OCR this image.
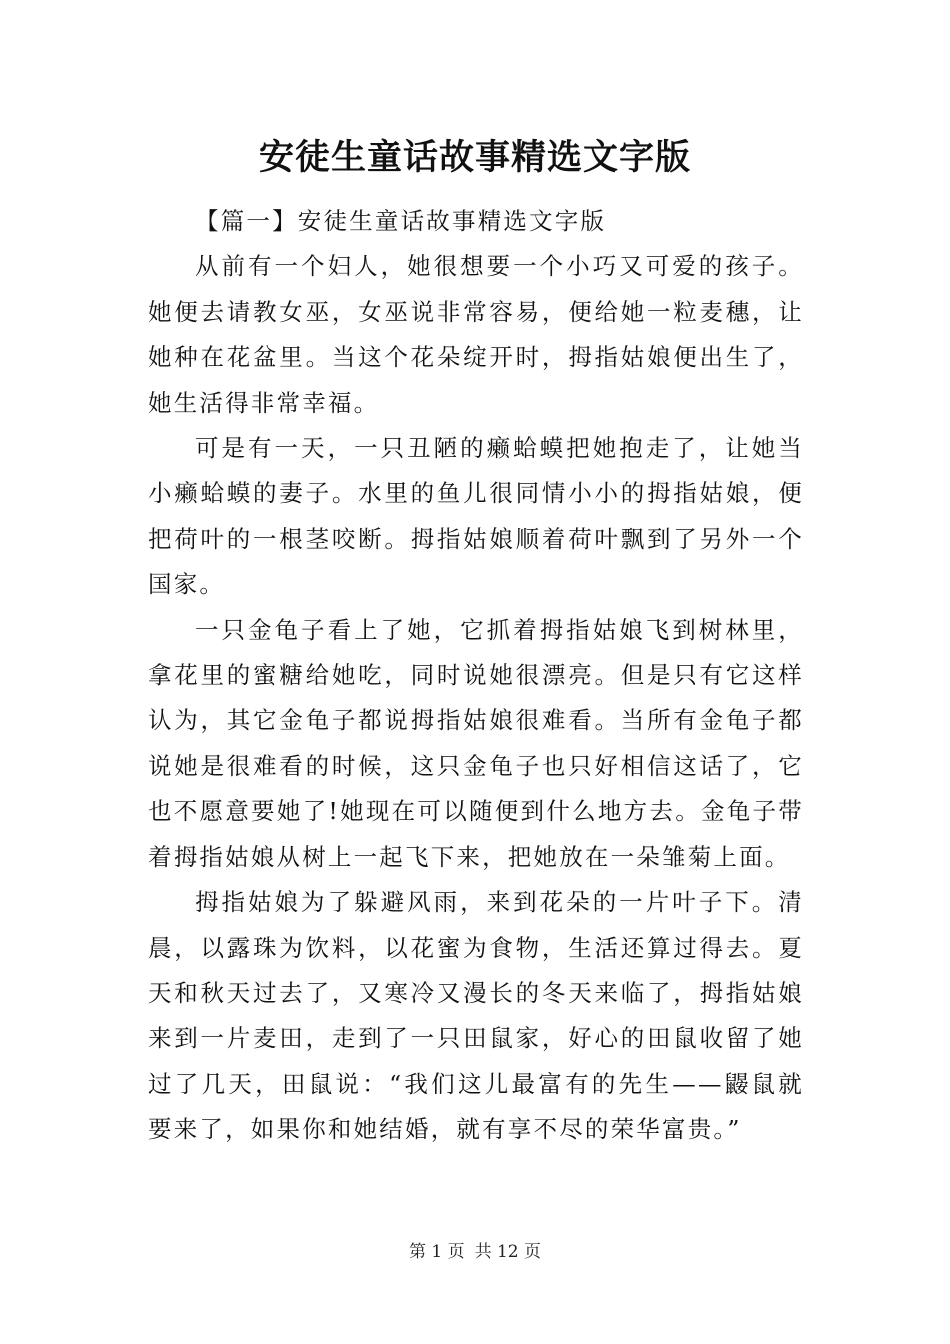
安徒生童话故事精选文字版

【篇一】安徒生童话故事精选文字版

从前有一个妇人，她很想要一个小巧又可爱的孩子。她便去请教女巫，女巫说非常容易，便给她一粒麦穗，让她种在花盆里。当这个花朵绽开时，拇指姑娘便出生了，她生活得非常幸福。

可是有一天，一只丑陋的癞蛤蟆把她抱走了，让她当小癞蛤蟆的妻子。水里的鱼儿很同情小小的拇指姑娘，便把荷叶的一根茎咬断。拇指姑娘顺着荷叶飘到了另外一个国家。

一只金龟子看上了她，它抓着拇指姑娘飞到树林里，拿花里的蜜糖给她吃，同时说她很漂亮。但是只有它这样认为，其它金龟子都说拇指姑娘很难看。当所有金龟子都说她是很难看的时候，这只金龟子也只好相信这话了，它也不愿意要她了!她现在可以随便到什么地方去。金龟子带着拇指姑娘从树上一起飞下来，把她放在一朵雏菊上面。

拇指姑娘为了躲避风雨，来到花朵的一片叶子下。清晨，以露珠为饮料，以花蜜为食物，生活还算过得去。夏天和秋天过去了，又寒冷又漫长的冬天来临了，拇指姑娘来到一片麦田，走到了一只田鼠家，好心的田鼠收留了她过了几天，田鼠说：“我们这儿最富有的先生——鼹鼠就要来了，如果你和她结婚，就有享不尽的荣华富贵。”

第 1 页 共 12 页
